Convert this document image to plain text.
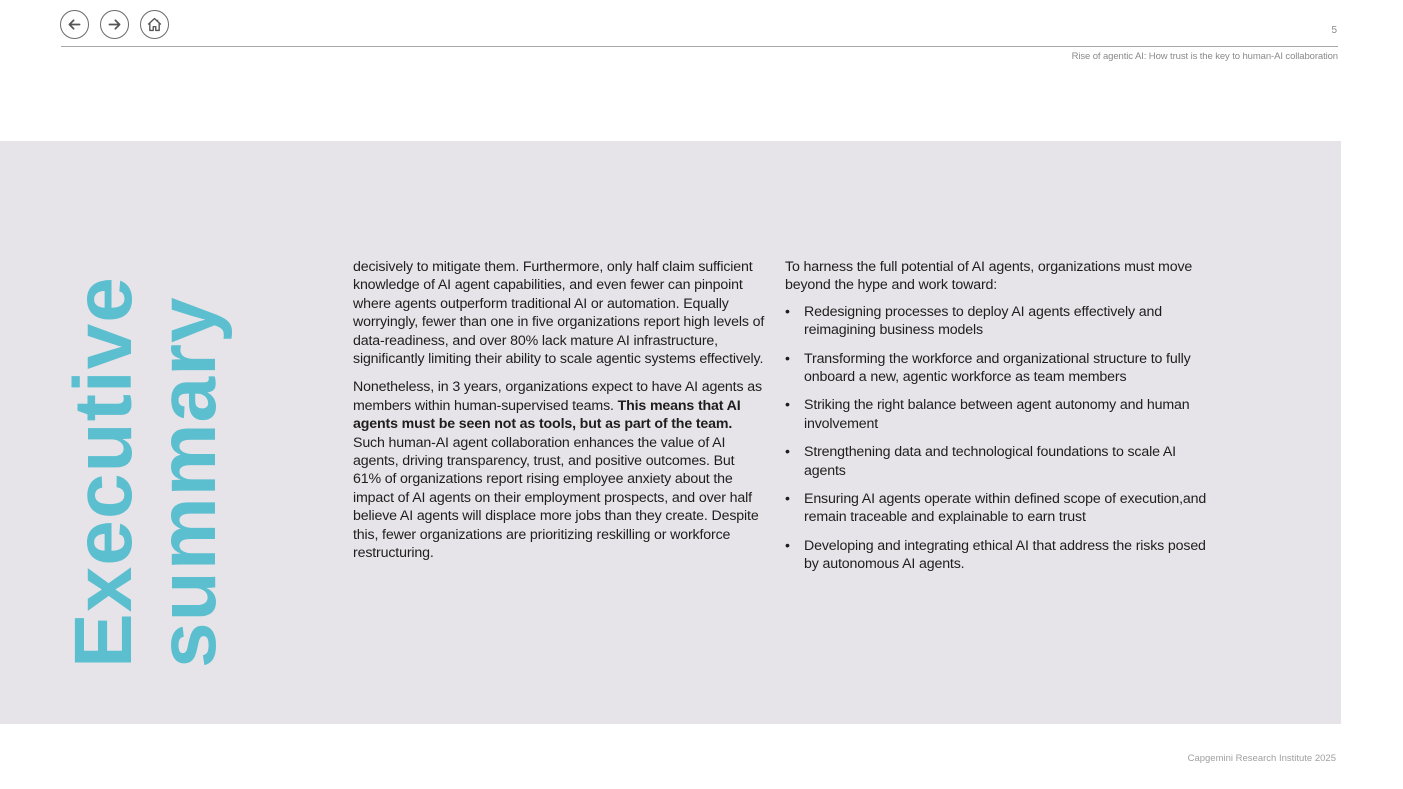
5
Rise of agentic AI: How trust is the key to human-AI collaboration
Executive
summary

decisively to mitigate them. Furthermore, only half claim sufficient knowledge of AI agent capabilities, and even fewer can pinpoint where agents outperform traditional AI or automation. Equally worryingly, fewer than one in five organizations report high levels of data-readiness, and over 80% lack mature AI infrastructure, significantly limiting their ability to scale agentic systems effectively.

Nonetheless, in 3 years, organizations expect to have AI agents as members within human-supervised teams. This means that AI agents must be seen not as tools, but as part of the team. Such human-AI agent collaboration enhances the value of AI agents, driving transparency, trust, and positive outcomes. But 61% of organizations report rising employee anxiety about the impact of AI agents on their employment prospects, and over half believe AI agents will displace more jobs than they create. Despite this, fewer organizations are prioritizing reskilling or workforce restructuring.

To harness the full potential of AI agents, organizations must move beyond the hype and work toward:

• Redesigning processes to deploy AI agents effectively and reimagining business models
• Transforming the workforce and organizational structure to fully onboard a new, agentic workforce as team members
• Striking the right balance between agent autonomy and human involvement
• Strengthening data and technological foundations to scale AI agents
• Ensuring AI agents operate within defined scope of execution,and remain traceable and explainable to earn trust
• Developing and integrating ethical AI that address the risks posed by autonomous AI agents.
Capgemini Research Institute 2025
